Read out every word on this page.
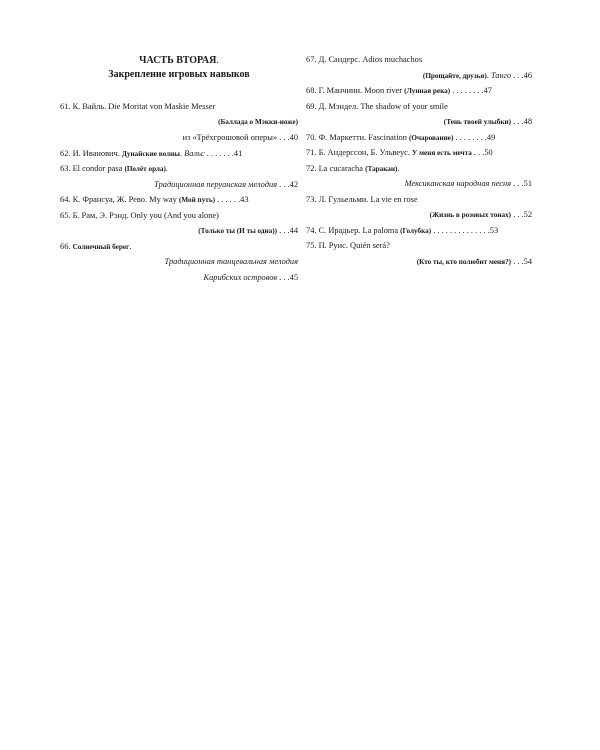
ЧАСТЬ ВТОРАЯ.
Закрепление игровых навыков
61. К. Вайль. Die Moritat von Maskie Messer
(Баллада о Мэкки-ноже)
из «Трёхгрошовой оперы» . . .40
62. И. Иванович. Дунайские волны. Вальс . . . . . . .41
63. El condor pasa (Полёт орла).
Традиционная перуанская мелодия . . .42
64. К. Франсуа, Ж. Рево. My way (Мой путь) . . . . . .43
65. Б. Рам, Э. Рэнд. Only you (And you alone)
(Только ты (И ты одна)) . . .44
66. Солнечный берег.
Традиционная танцевальная мелодия
Карибских островов . . .45
67. Д. Сандерс. Adios muchachos
(Прощайте, друзья). Танго . . .46
68. Г. Манчини. Moon river (Лунная река) . . . . . . . .47
69. Д. Мэндел. The shadow of your smile
(Тень твоей улыбки) . . .48
70. Ф. Маркетти. Fascination (Очарование) . . . . . . . .49
71. Б. Андерссон, Б. Ульвеус. У меня есть мечта . . .50
72. La cucaracha (Таракан).
Мексиканская народная песня . . .51
73. Л. Гульельми. La vie en rose
(Жизнь в розовых тонах) . . .52
74. С. Ирадьер. La paloma (Голубка) . . . . . . . . . . . . . .53
75. П. Руис. Quién será?
(Кто ты, кто полюбит меня?) . . .54
